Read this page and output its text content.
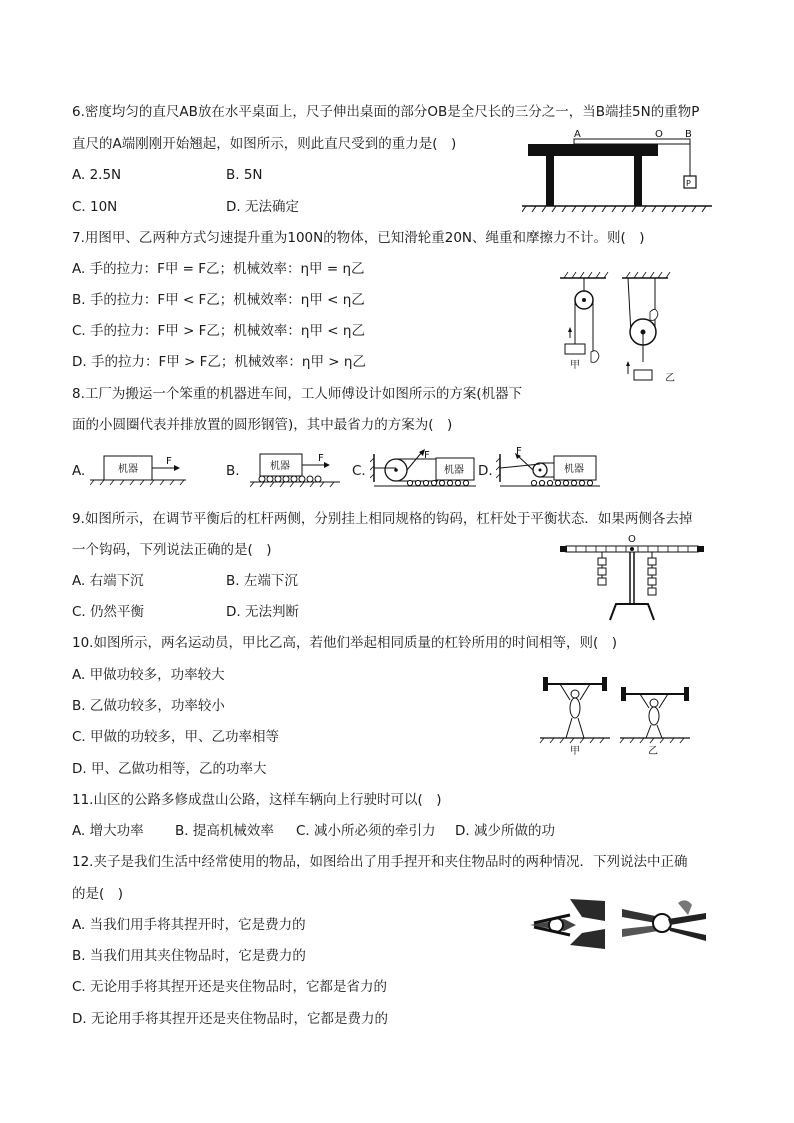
6.密度均匀的直尺AB放在水平桌面上，尺子伸出桌面的部分OB是全尺长的三分之一，当B端挂5N的重物P
直尺的A端刚刚开始翘起，如图所示，则此直尺受到的重力是(　)
A. 2.5N	B. 5N
C. 10N	D. 无法确定
A	O B
P
7.用图甲、乙两种方式匀速提升重为100N的物体，已知滑轮重20N、绳重和摩擦力不计。则(　)
A. 手的拉力：F甲 = F乙；机械效率：η甲 = η乙
B. 手的拉力：F甲 < F乙；机械效率：η甲 < η乙
C. 手的拉力：F甲 > F乙；机械效率：η甲 < η乙
D. 手的拉力：F甲 > F乙；机械效率：η甲 > η乙	甲
乙
8.工厂为搬运一个笨重的机器进车间，工人师傅设计如图所示的方案(机器下
面的小圆圈代表并排放置的圆形钢管)，其中最省力的方案为(　)
A.	机器
F
B.	机器
F
C.
F
机器 D.
F
机器
9.如图所示，在调节平衡后的杠杆两侧，分别挂上相同规格的钩码，杠杆处于平衡状态．如果两侧各去掉
一个钩码，下列说法正确的是(　)
A. 右端下沉	B. 左端下沉
C. 仍然平衡	D. 无法判断
O
10.如图所示，两名运动员，甲比乙高，若他们举起相同质量的杠铃所用的时间相等，则(　)
A. 甲做功较多，功率较大
B. 乙做功较多，功率较小
C. 甲做的功较多，甲、乙功率相等
D. 甲、乙做功相等，乙的功率大
甲	乙
11.山区的公路多修成盘山公路，这样车辆向上行驶时可以(　)
A. 增大功率 B. 提高机械效率 C. 减小所必须的牵引力 D. 减少所做的功
12.夹子是我们生活中经常使用的物品，如图给出了用手捏开和夹住物品时的两种情况．下列说法中正确
的是(　)
A. 当我们用手将其捏开时，它是费力的
B. 当我们用其夹住物品时，它是费力的
C. 无论用手将其捏开还是夹住物品时，它都是省力的
D. 无论用手将其捏开还是夹住物品时，它都是费力的
